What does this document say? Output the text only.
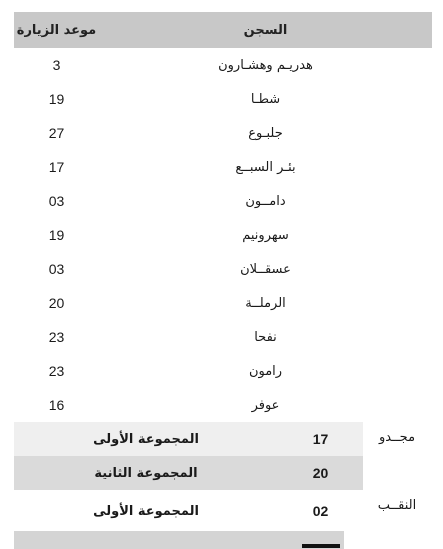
السجن
موعد الزيارة
هدريـم وهشـارون
3
شطـا
19
جلبـوع
27
بئـر السبــع
17
دامــون
03
سهرونيم
19
عسقــلان
03
الرملــة
20
نفحا
23
رامون
23
عوفر
16
مجــدو
17
المجموعة الأولى
20
المجموعة الثانية
النقــب
02
المجموعة الأولى
